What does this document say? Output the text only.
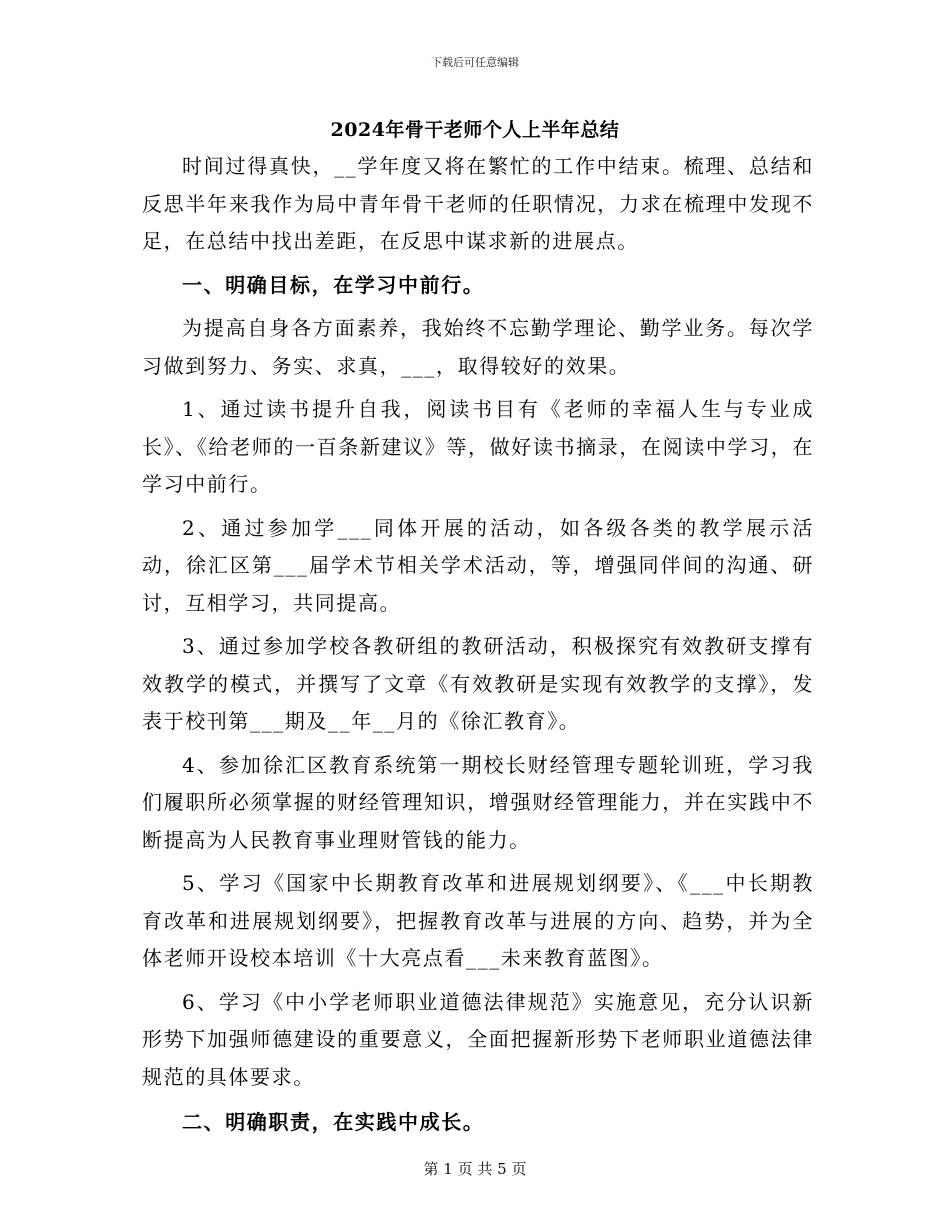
下载后可任意编辑
2024年骨干老师个人上半年总结

时间过得真快，__学年度又将在繁忙的工作中结束。梳理、总结和反思半年来我作为局中青年骨干老师的任职情况，力求在梳理中发现不足，在总结中找出差距，在反思中谋求新的进展点。

一、明确目标，在学习中前行。

为提高自身各方面素养，我始终不忘勤学理论、勤学业务。每次学习做到努力、务实、求真，___，取得较好的效果。

1、通过读书提升自我，阅读书目有《老师的幸福人生与专业成长》、《给老师的一百条新建议》等，做好读书摘录，在阅读中学习，在学习中前行。

2、通过参加学___同体开展的活动，如各级各类的教学展示活动，徐汇区第___届学术节相关学术活动，等，增强同伴间的沟通、研讨，互相学习，共同提高。

3、通过参加学校各教研组的教研活动，积极探究有效教研支撑有效教学的模式，并撰写了文章《有效教研是实现有效教学的支撑》，发表于校刊第___期及__年__月的《徐汇教育》。

4、参加徐汇区教育系统第一期校长财经管理专题轮训班，学习我们履职所必须掌握的财经管理知识，增强财经管理能力，并在实践中不断提高为人民教育事业理财管钱的能力。

5、学习《国家中长期教育改革和进展规划纲要》、《___中长期教育改革和进展规划纲要》，把握教育改革与进展的方向、趋势，并为全体老师开设校本培训《十大亮点看___未来教育蓝图》。

6、学习《中小学老师职业道德法律规范》实施意见，充分认识新形势下加强师德建设的重要意义，全面把握新形势下老师职业道德法律规范的具体要求。

二、明确职责，在实践中成长。

第 1 页 共 5 页
